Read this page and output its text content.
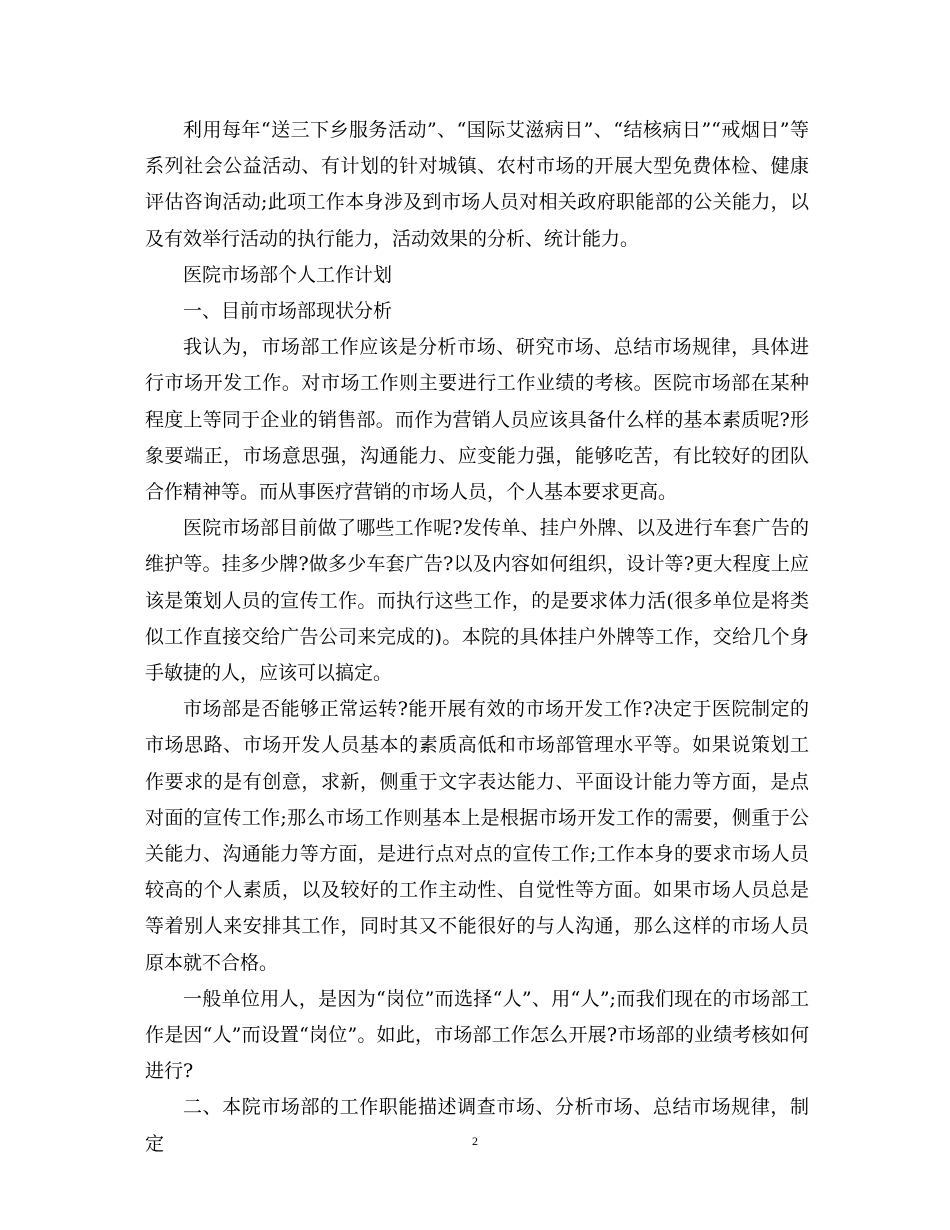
利用每年“送三下乡服务活动”、“国际艾滋病日”、“结核病日”“戒烟日”等系列社会公益活动、有计划的针对城镇、农村市场的开展大型免费体检、健康评估咨询活动;此项工作本身涉及到市场人员对相关政府职能部的公关能力，以及有效举行活动的执行能力，活动效果的分析、统计能力。

医院市场部个人工作计划

一、目前市场部现状分析

我认为，市场部工作应该是分析市场、研究市场、总结市场规律，具体进行市场开发工作。对市场工作则主要进行工作业绩的考核。医院市场部在某种程度上等同于企业的销售部。而作为营销人员应该具备什么样的基本素质呢?形象要端正，市场意思强，沟通能力、应变能力强，能够吃苦，有比较好的团队合作精神等。而从事医疗营销的市场人员，个人基本要求更高。

医院市场部目前做了哪些工作呢?发传单、挂户外牌、以及进行车套广告的维护等。挂多少牌?做多少车套广告?以及内容如何组织，设计等?更大程度上应该是策划人员的宣传工作。而执行这些工作，的是要求体力活(很多单位是将类似工作直接交给广告公司来完成的)。本院的具体挂户外牌等工作，交给几个身手敏捷的人，应该可以搞定。

市场部是否能够正常运转?能开展有效的市场开发工作?决定于医院制定的市场思路、市场开发人员基本的素质高低和市场部管理水平等。如果说策划工作要求的是有创意，求新，侧重于文字表达能力、平面设计能力等方面，是点对面的宣传工作;那么市场工作则基本上是根据市场开发工作的需要，侧重于公关能力、沟通能力等方面，是进行点对点的宣传工作;工作本身的要求市场人员较高的个人素质，以及较好的工作主动性、自觉性等方面。如果市场人员总是等着别人来安排其工作，同时其又不能很好的与人沟通，那么这样的市场人员原本就不合格。

一般单位用人，是因为“岗位”而选择“人”、用“人”;而我们现在的市场部工作是因“人”而设置“岗位”。如此，市场部工作怎么开展?市场部的业绩考核如何进行?

二、本院市场部的工作职能描述调查市场、分析市场、总结市场规律，制定	2
